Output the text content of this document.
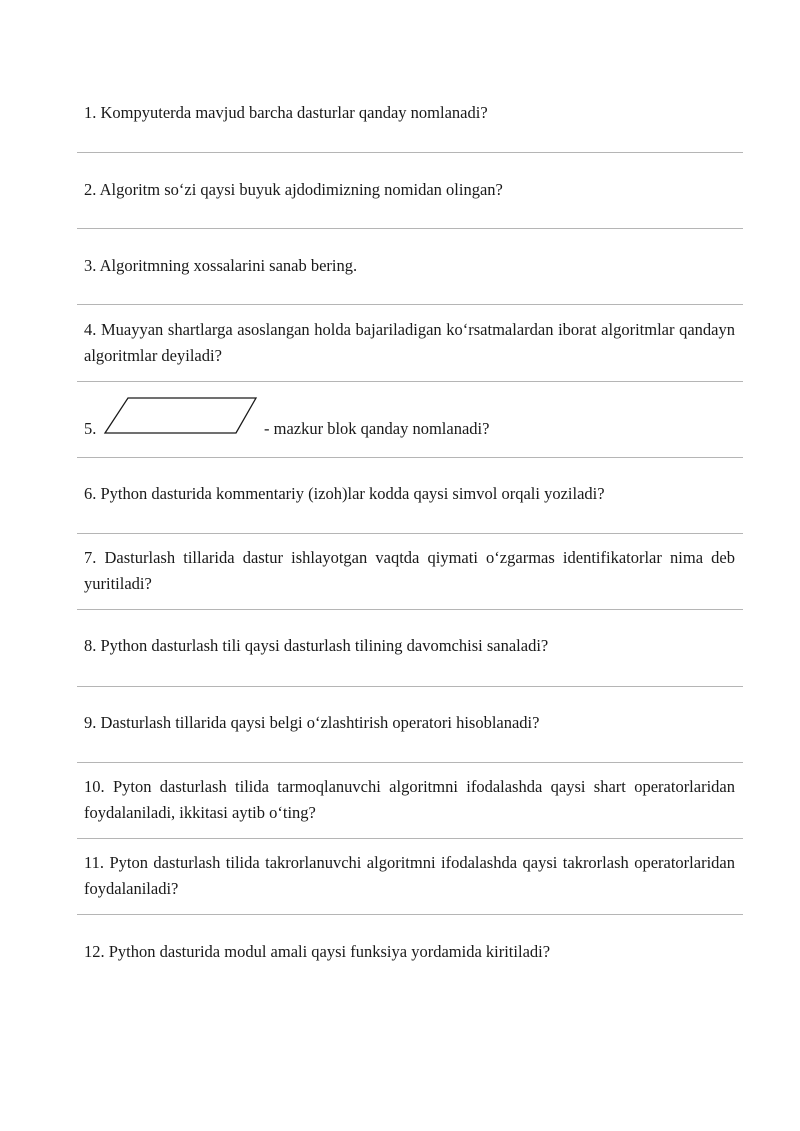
1. Kompyuterda mavjud barcha dasturlar qanday nomlanadi?

2. Algoritm so‘zi qaysi buyuk ajdodimizning nomidan olingan?

3. Algoritmning xossalarini sanab bering.

4. Muayyan shartlarga asoslangan holda bajariladigan ko‘rsatmalardan iborat algoritmlar qandayn algoritmlar deyiladi?

5.	- mazkur blok qanday nomlanadi?

6. Python dasturida kommentariy (izoh)lar kodda qaysi simvol orqali yoziladi?

7. Dasturlash tillarida dastur ishlayotgan vaqtda qiymati o‘zgarmas identifikatorlar nima deb yuritiladi?

8. Python dasturlash tili qaysi dasturlash tilining davomchisi sanaladi?

9. Dasturlash tillarida qaysi belgi o‘zlashtirish operatori hisoblanadi?

10. Pyton dasturlash tilida tarmoqlanuvchi algoritmni ifodalashda qaysi shart operatorlaridan foydalaniladi, ikkitasi aytib o‘ting?

11. Pyton dasturlash tilida takrorlanuvchi algoritmni ifodalashda qaysi takrorlash operatorlaridan foydalaniladi?

12. Python dasturida modul amali qaysi funksiya yordamida kiritiladi?
